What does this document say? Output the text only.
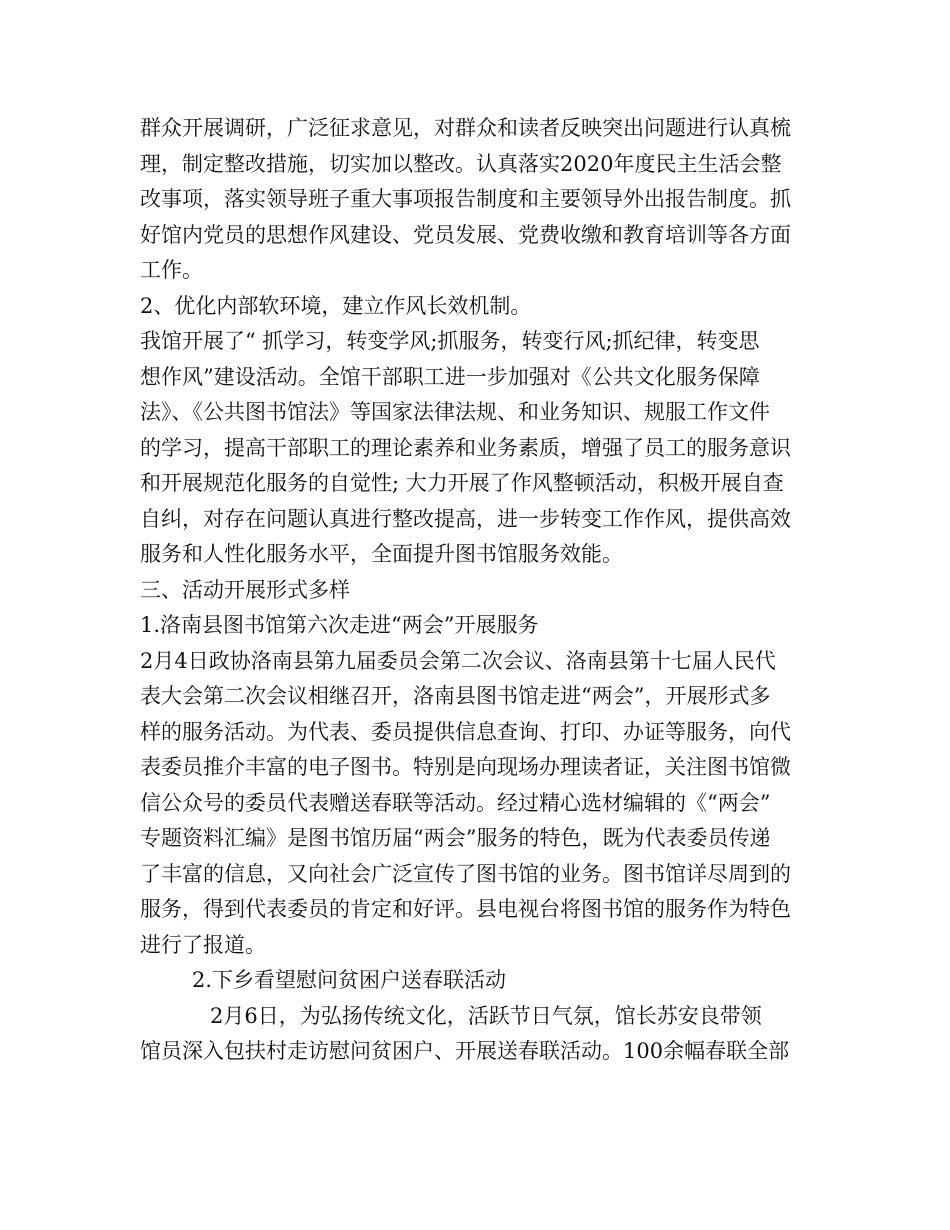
群众开展调研，广泛征求意见，对群众和读者反映突出问题进行认真梳

理，制定整改措施，切实加以整改。认真落实2020年度民主生活会整

改事项，落实领导班子重大事项报告制度和主要领导外出报告制度。抓

好馆内党员的思想作风建设、党员发展、党费收缴和教育培训等各方面

工作。

2、优化内部软环境，建立作风长效机制。

我馆开展了“ 抓学习，转变学风;抓服务，转变行风;抓纪律，转变思

想作风”建设活动。全馆干部职工进一步加强对《公共文化服务保障

法》、《公共图书馆法》等国家法律法规、和业务知识、规服工作文件

的学习，提高干部职工的理论素养和业务素质，增强了员工的服务意识

和开展规范化服务的自觉性; 大力开展了作风整顿活动，积极开展自查

自纠，对存在问题认真进行整改提高，进一步转变工作作风，提供高效

服务和人性化服务水平，全面提升图书馆服务效能。

三、活动开展形式多样

1.洛南县图书馆第六次走进“两会”开展服务

2月4日政协洛南县第九届委员会第二次会议、洛南县第十七届人民代

表大会第二次会议相继召开，洛南县图书馆走进“两会”，开展形式多

样的服务活动。为代表、委员提供信息查询、打印、办证等服务，向代

表委员推介丰富的电子图书。特别是向现场办理读者证，关注图书馆微

信公众号的委员代表赠送春联等活动。经过精心选材编辑的《“两会”

专题资料汇编》是图书馆历届“两会”服务的特色，既为代表委员传递

了丰富的信息，又向社会广泛宣传了图书馆的业务。图书馆详尽周到的

服务，得到代表委员的肯定和好评。县电视台将图书馆的服务作为特色

进行了报道。

2.下乡看望慰问贫困户送春联活动

2月6日，为弘扬传统文化，活跃节日气氛，馆长苏安良带领

馆员深入包扶村走访慰问贫困户、开展送春联活动。100余幅春联全部
